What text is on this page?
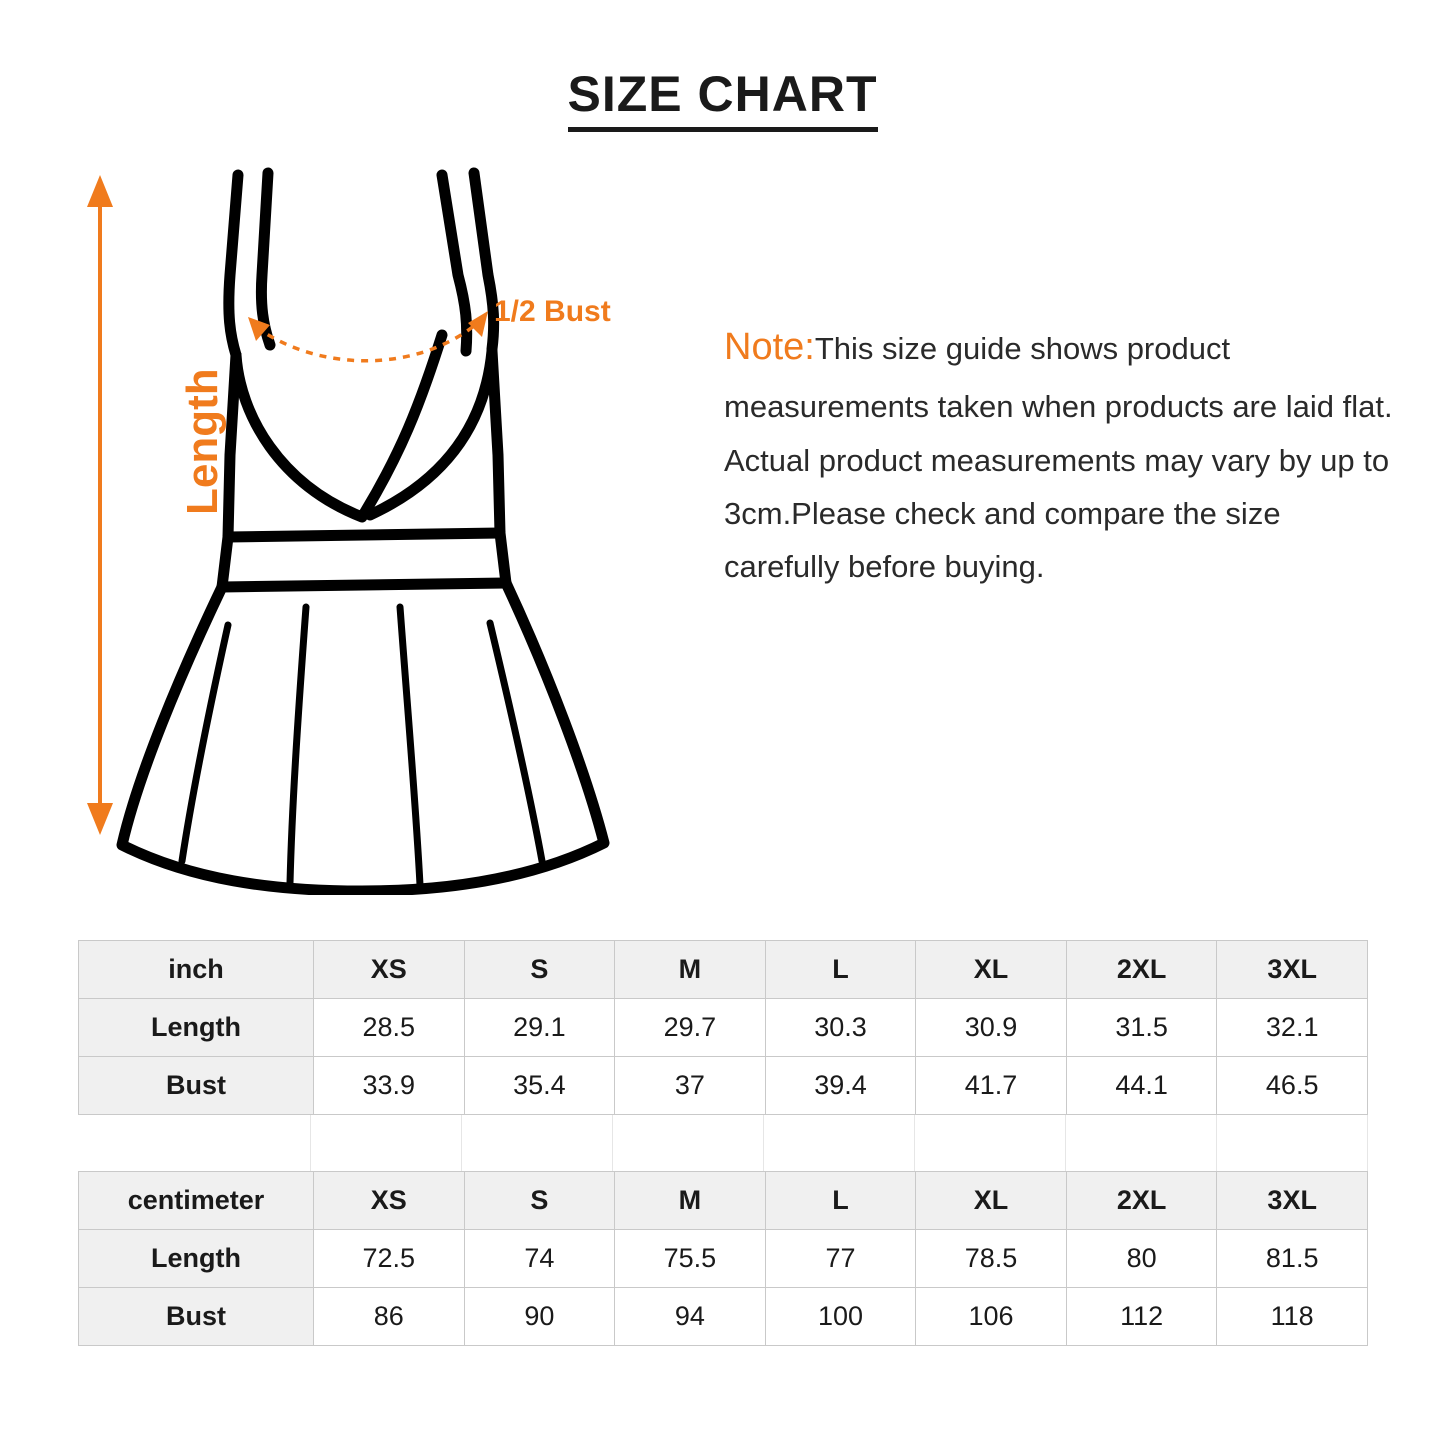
SIZE CHART
Length
1/2 Bust
Note:This size guide shows product measurements taken when products are laid flat. Actual product measurements may vary by up to 3cm.Please check and compare the size carefully before buying.
inch	XS	S	M	L	XL	2XL	3XL
Length	28.5	29.1	29.7	30.3	30.9	31.5	32.1
Bust	33.9	35.4	37	39.4	41.7	44.1	46.5
centimeter	XS	S	M	L	XL	2XL	3XL
Length	72.5	74	75.5	77	78.5	80	81.5
Bust	86	90	94	100	106	112	118
